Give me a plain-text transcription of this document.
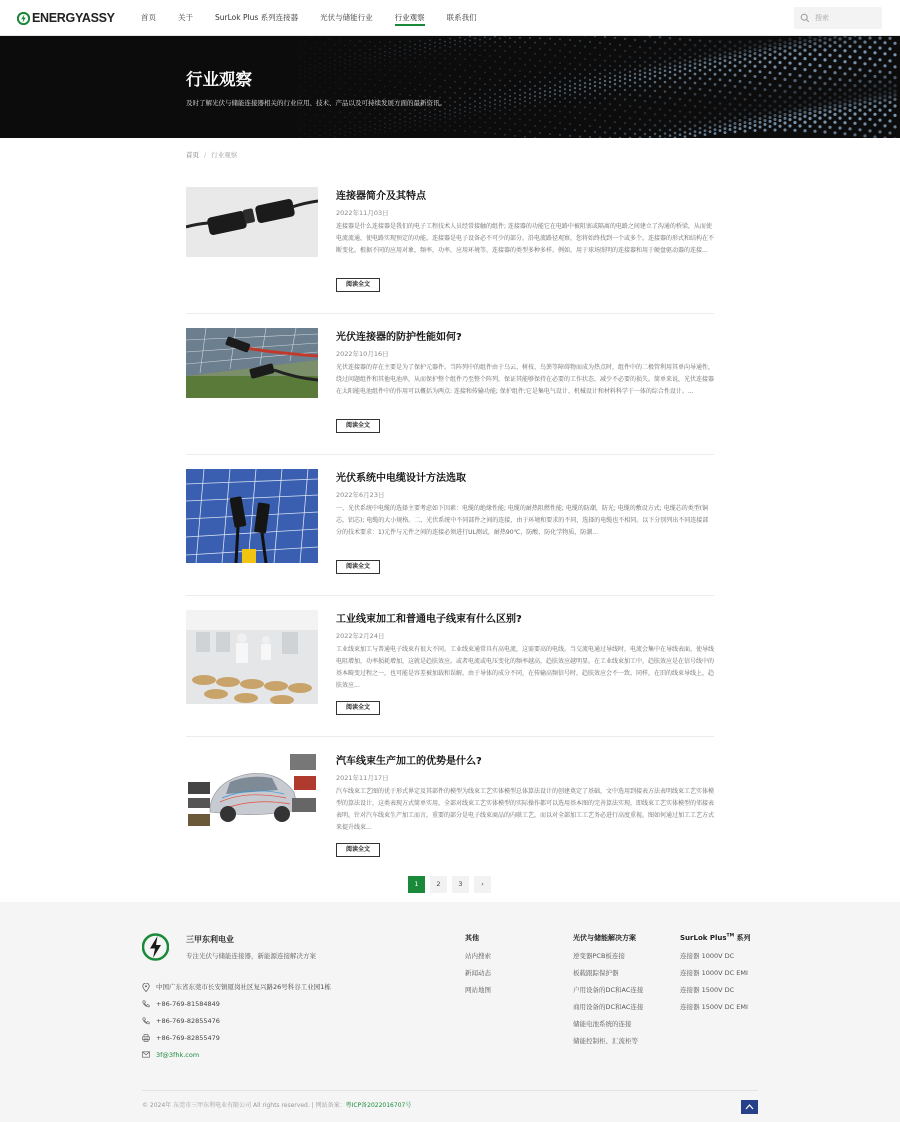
ENERGYASSY	首页	关于	SurLok Plus 系列连接器	光伏与储能行业	行业观察	联系我们	搜索
行业观察

及时了解光伏与储能连接器相关的行业应用、技术、产品以及可持续发展方面的最新资讯。

首页 / 行业观察
连接器简介及其特点
2022年11月03日
连接器是什么连接器是我们的电子工程技术人员经常接触的组件; 连接器的功能它在电路中被阻塞或隔离的电路之间建立了沟通的桥梁，从而使电流流通，使电路实现预定的功能。连接器是电子设备必不可少的部分。沿电流路径观察，您将始终找到一个或多个。连接器的形式和结构在不断变化。根据不同的应用对象，频率，功率，应用环境等，连接器的类型多种多样。例如，用于球场照明的连接器和用于硬盘驱动器的连接...
阅读全文
光伏连接器的防护性能如何?
2022年10月16日
光伏连接器的存在主要是为了保护元器件。当阵列中的组件由于乌云、树枝、鸟粪等障碍物而成为热点时，组件中的二极管利用其单向导通性，绕过问题组件和其他电池串，从而保护整个组件乃至整个阵列，保证其能够保持在必要的工作状态，减少不必要的损失。简单来说，光伏连接器在太阳能电池组件中的作用可以概括为两点: 连接和传输功能; 保护组件;它是集电气设计、机械设计和材料科学于一体的综合性设计。...
阅读全文
光伏系统中电缆设计方法选取
2022年6月23日
一、光伏系统中电缆的选择主要考虑如下因素：电缆的绝缘性能; 电缆的耐热阻燃性能; 电缆的防潮，防光; 电缆的敷设方式; 电缆芯的类型(铜芯，铝芯); 电缆的大小规格。二、光伏系统中不同部件之间的连接，由于环境和要求的不同，选择的电缆也不相同。以下分别列出不同连接部分的技术要求：1)元件与元件之间的连接必须进行UL测试，耐热90℃，防酸，防化学物质，防潮...
阅读全文
工业线束加工和普通电子线束有什么区别?
2022年2月24日
工业线束加工与普通电子线束有很大不同。工业线束通常具有高电流，这需要高的电线。当交流电通过导线时，电流会集中在导线表面，使导线电阻增加，功率损耗增加，这就是趋肤效应。或者电流或电压变化的频率越高，趋肤效应越明显。在工业线束加工中，趋肤效应是在信号线中的基本畸变过程之一，也可能是容差被加载和误解。由于导体的成分不同，在传输高频信号时，趋肤效应会不一致。同样，在旧的线束导线上，趋肤效应...
阅读全文
汽车线束生产加工的优势是什么?
2021年11月17日
汽车线束工艺图的优于形式界定及其部件的模型为线束工艺实体模型总体算法设计的创建奠定了基础，文中选用到接表方法表明线束工艺实体模型的算法设计，这类表现方式简单实用，全部对线束工艺实体模型的实际操作都可以选用基本图的完善算法实现，即线束工艺实体模型的邻接表表明。针对汽车线束生产加工而言，重要的部分是电子线束商品的内联工艺，而以对全部加工工艺务必进行高度重视。图如何通过加工工艺方式来提升线束...
阅读全文
1	2	3	›
三甲东利电业
专注光伏与储能连接器，新能源连接解决方案
中国广东省东莞市长安镇厦岗社区复兴路26号科谷工业园1栋
+86-769-81584849
+86-769-82855476
+86-769-82855479
3f@3fhk.com
其他
站内搜索
新闻动态
网站地图
光伏与储能解决方案
逆变器PCB板连接
板载跟踪保护器
户用设备的DC和AC连接
商用设备的DC和AC连接
储能电池系统的连接
储能控制柜、汇流柜等
SurLok Plus™ 系列
连接器 1000V DC
连接器 1000V DC EMI
连接器 1500V DC
连接器 1500V DC EMI
© 2024年 东莞市三甲东利电业有限公司 All rights reserved. | 网站备案：粤ICP备2022016707号
